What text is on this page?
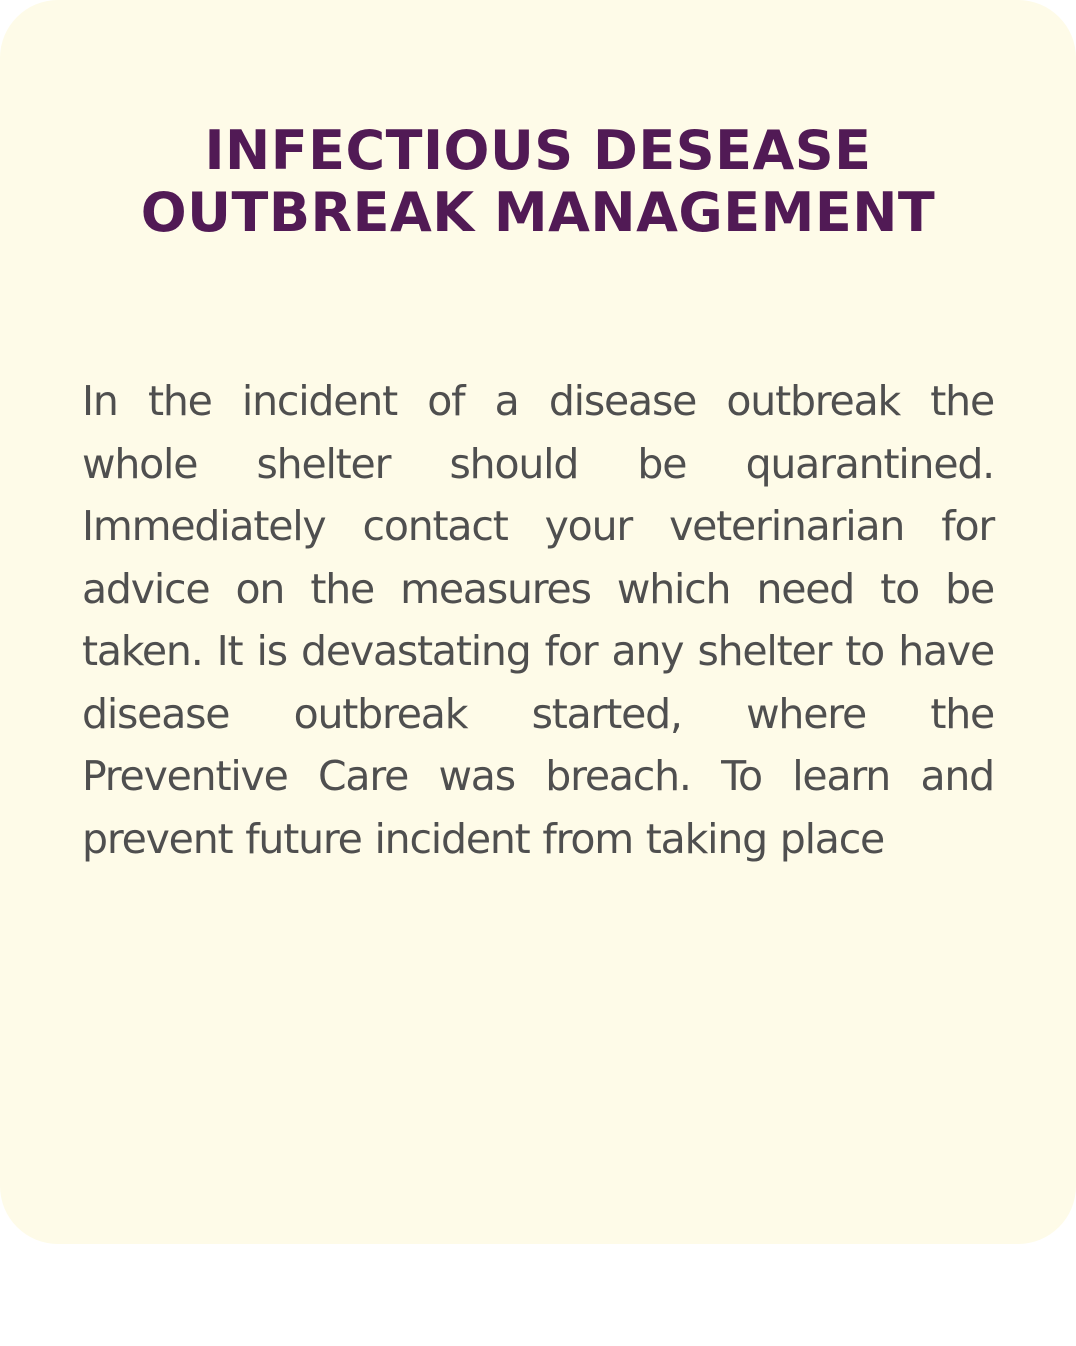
INFECTIOUS DESEASE
OUTBREAK MANAGEMENT

In the incident of a disease outbreak the whole shelter should be quarantined. Immediately contact your veterinarian for advice on the measures which need to be taken. It is devastating for any shelter to have disease outbreak started, where the Preventive Care was breach. To learn and prevent future incident from taking place
